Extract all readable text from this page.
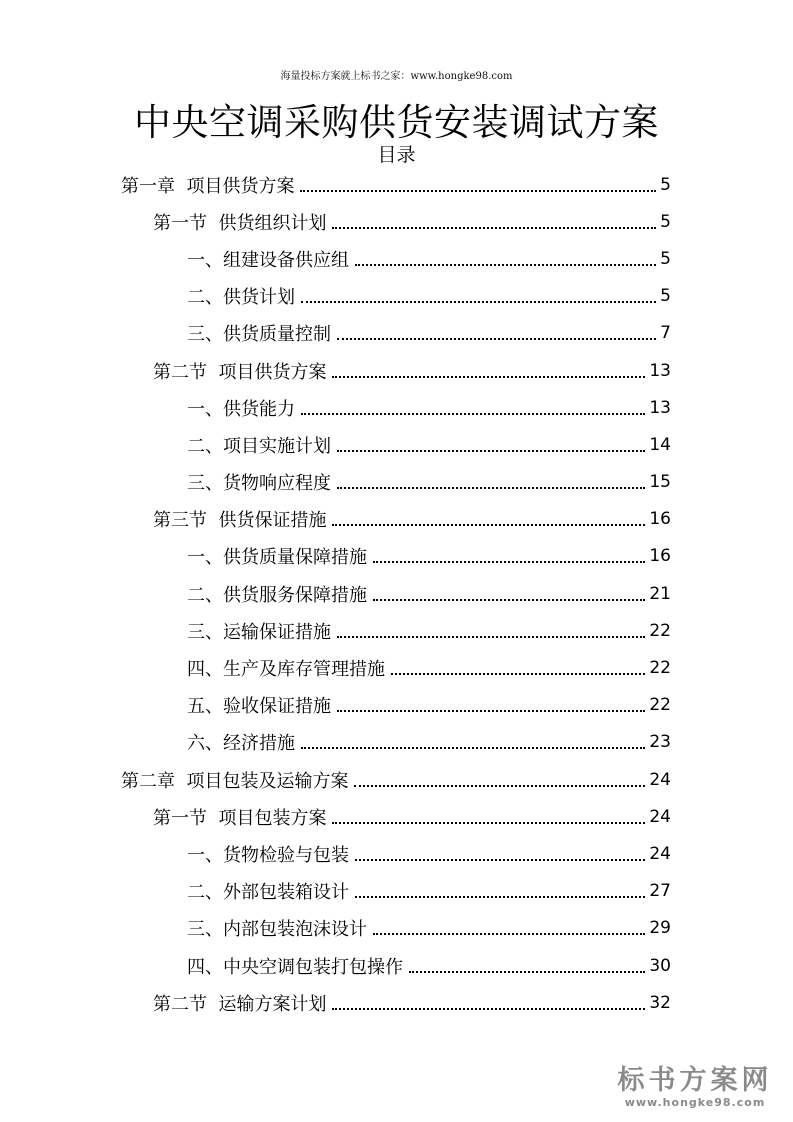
海量投标方案就上标书之家：www.hongke98.com
中央空调采购供货安装调试方案
目录
第一章  项目供货方案	5
第一节  供货组织计划	5
一、组建设备供应组	5
二、供货计划	5
三、供货质量控制	7
第二节  项目供货方案	13
一、供货能力	13
二、项目实施计划	14
三、货物响应程度	15
第三节  供货保证措施	16
一、供货质量保障措施	16
二、供货服务保障措施	21
三、运输保证措施	22
四、生产及库存管理措施	22
五、验收保证措施	22
六、经济措施	23
第二章  项目包装及运输方案	24
第一节  项目包装方案	24
一、货物检验与包装	24
二、外部包装箱设计	27
三、内部包装泡沫设计	29
四、中央空调包装打包操作	30
第二节  运输方案计划	32
标书方案网
www.hongke98.com
